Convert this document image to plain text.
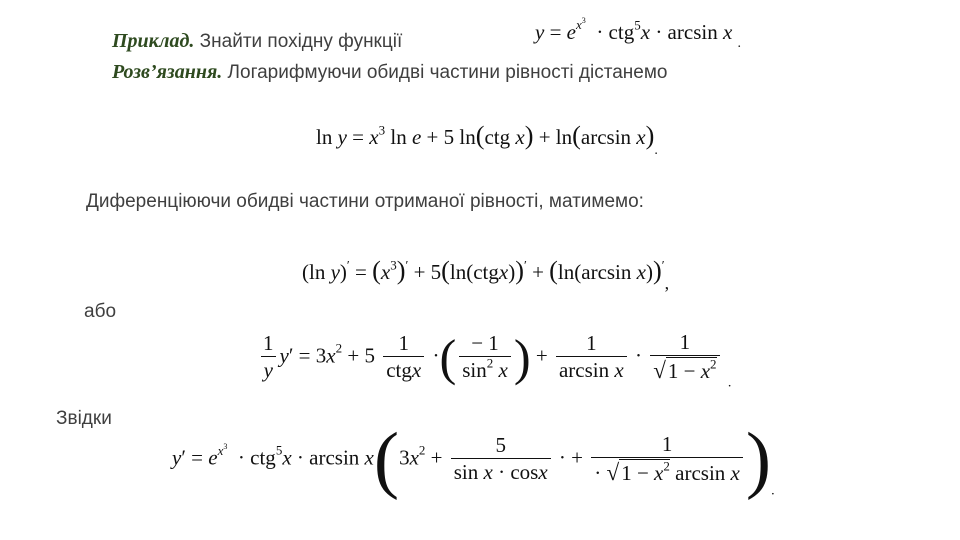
Приклад. Знайти похідну функції
Розв’язання. Логарифмуючи обидві частини рівності дістанемо
Диференціюючи обидві частини отриманої рівності, матимемо:
або
Звідки
$y = e^{x^3} \cdot ctg^5x \cdot \arcsin x$ $_.$
$\ln y = x^3$ ln e + 5 ln(ctg x) + ln(arcsin $x)_.$
(ln $y)' = (x^3)'$ + 5(ln(ctgx))′ + (ln(arcsin x))′,
$\frac{1}{y} y' = 3x^2 + 5 \frac{1}{\text{ctgx}}$ ·( $\frac{- 1}{\sin^2 x}$ ) + $\frac{1}{\text{arcsin x}} \cdot \frac{1}{√1 - x^2} _.$
$y' = e^{x^3} \cdot ctg^5x \cdot \arcsin x(3x^2 + \frac{5}{\text{sin x · cosx}}$ · + $\frac{1}{\cdot √1 - x^2 \arcsin x} )_.$
